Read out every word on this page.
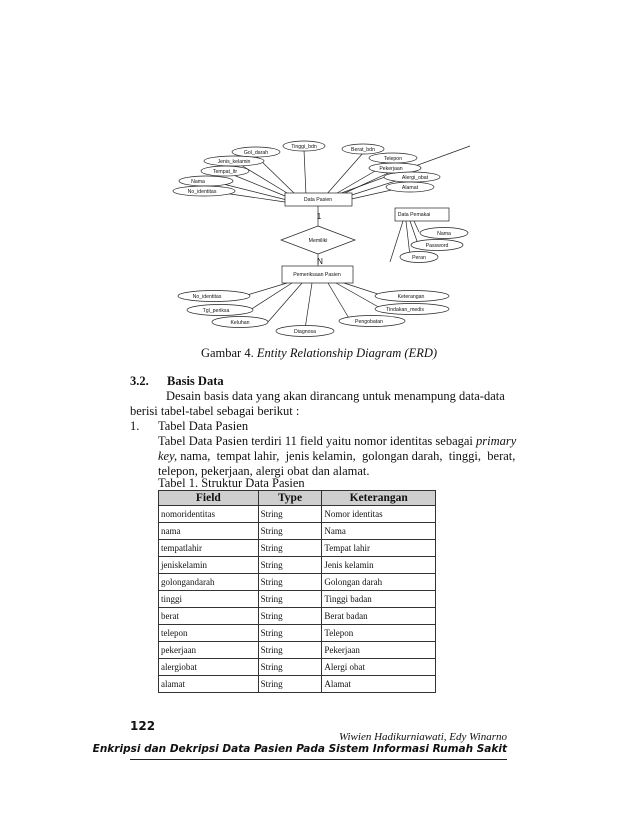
Gol_darah
Tinggi_bdn	Berat_bdn
Jenis_kelamin
Tempat_ltr
Nama
No_identitas
Telepon
Pekerjaan
Alergi_obat
Alamat
Data Pasien
1
Memiliki
N
Pemeriksaan Pasien
Data Pemakai
No_identitas
Tgl_periksa
Keluhan
Diagnosa
Pengobatan
Tindakan_medis
Keterangan
Nama
Password
Peran
Gambar 4. Entity Relationship Diagram (ERD)
3.2. Basis Data
Desain basis data yang akan dirancang untuk menampung data-data
berisi tabel-tabel sebagai berikut :
1. Tabel Data Pasien
Tabel Data Pasien terdiri 11 field yaitu nomor identitas sebagai primary
key, nama,  tempat lahir,  jenis kelamin,  golongan darah,  tinggi,  berat,
telepon, pekerjaan, alergi obat dan alamat.
Tabel 1. Struktur Data Pasien
Field	Type	Keterangan
nomoridentitas	String	Nomor identitas
nama	String	Nama
tempatlahir	String	Tempat lahir
jeniskelamin	String	Jenis kelamin
golongandarah	String	Golongan darah
tinggi	String	Tinggi badan
berat	String	Berat badan
telepon	String	Telepon
pekerjaan	String	Pekerjaan
alergiobat	String	Alergi obat
alamat	String	Alamat
122
Wiwien Hadikurniawati, Edy Winarno
Enkripsi dan Dekripsi Data Pasien Pada Sistem Informasi Rumah Sakit
